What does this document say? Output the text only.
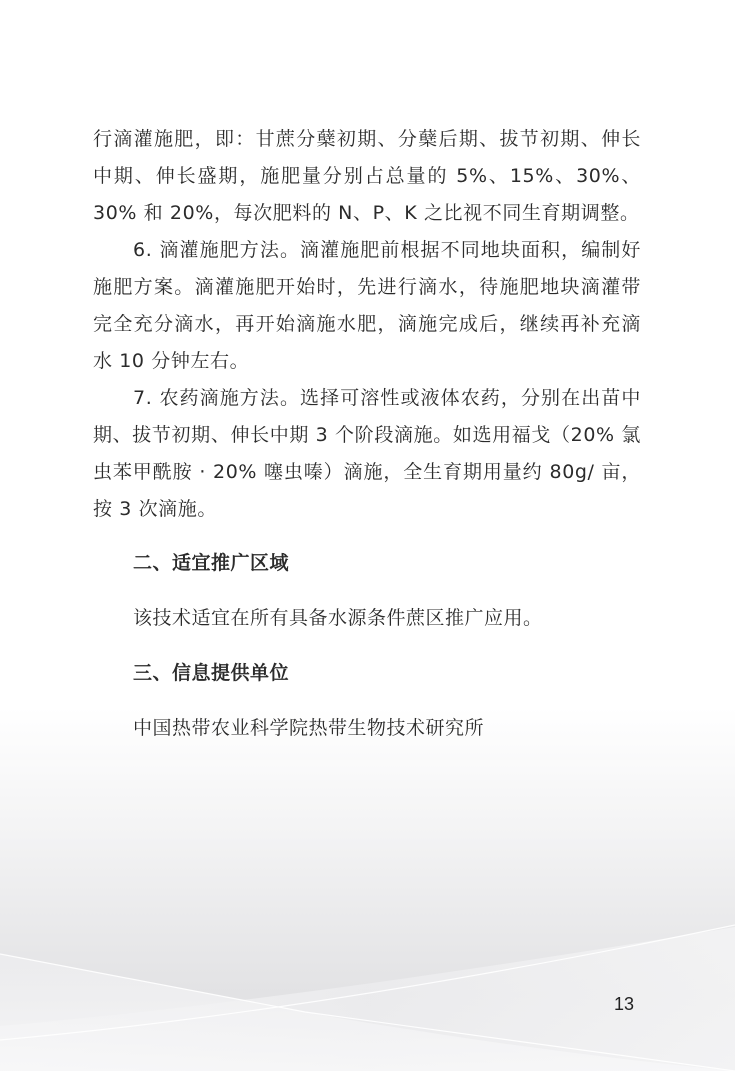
行滴灌施肥，即：甘蔗分蘖初期、分蘖后期、拔节初期、伸长中期、伸长盛期，施肥量分别占总量的 5%、15%、30%、30% 和 20%，每次肥料的 N、P、K 之比视不同生育期调整。

6. 滴灌施肥方法。滴灌施肥前根据不同地块面积，编制好施肥方案。滴灌施肥开始时，先进行滴水，待施肥地块滴灌带完全充分滴水，再开始滴施水肥，滴施完成后，继续再补充滴水 10 分钟左右。

7. 农药滴施方法。选择可溶性或液体农药，分别在出苗中期、拔节初期、伸长中期 3 个阶段滴施。如选用福戈（20% 氯虫苯甲酰胺 · 20% 噻虫嗪）滴施，全生育期用量约 80g/ 亩，按 3 次滴施。

二、适宜推广区域

该技术适宜在所有具备水源条件蔗区推广应用。

三、信息提供单位

中国热带农业科学院热带生物技术研究所

13
